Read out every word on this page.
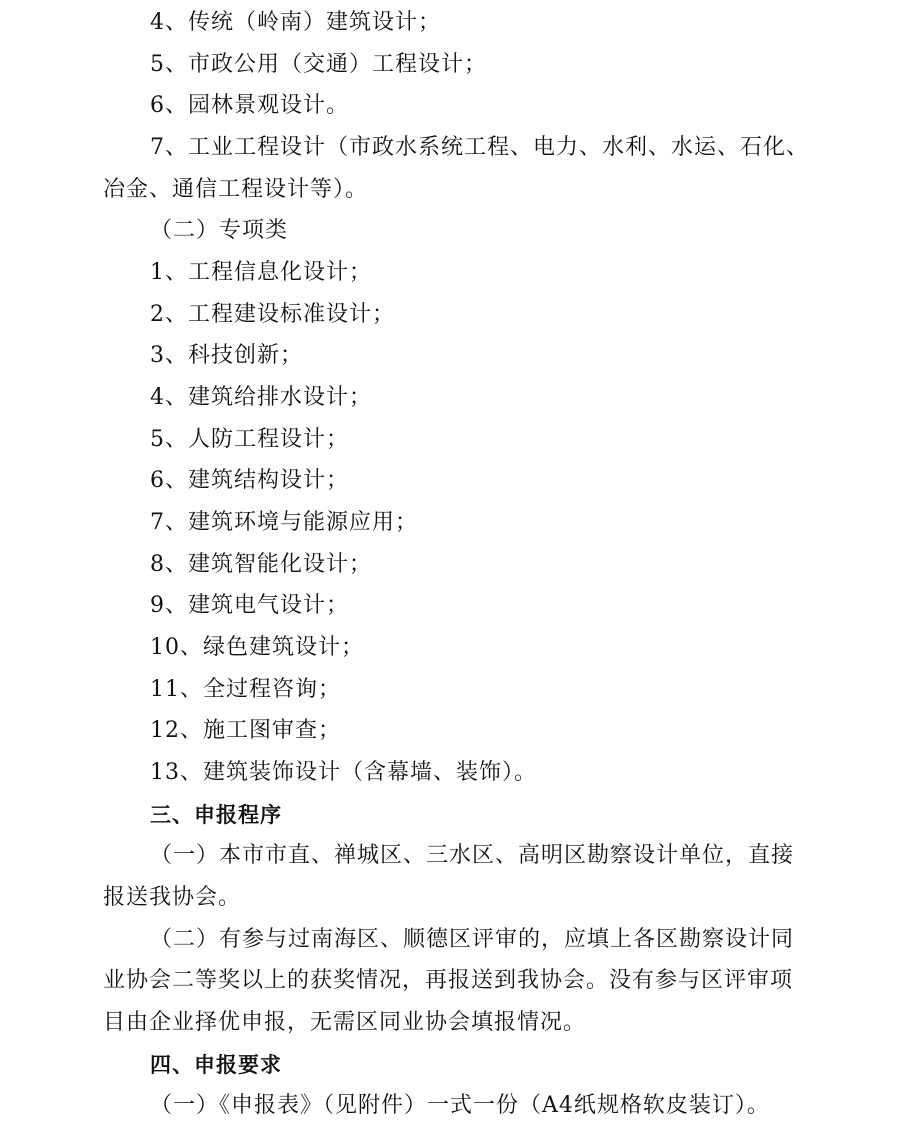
4、传统（岭南）建筑设计；
5、市政公用（交通）工程设计；
6、园林景观设计。
7、工业工程设计（市政水系统工程、电力、水利、水运、石化、
冶金、通信工程设计等）。
（二）专项类
1、工程信息化设计；
2、工程建设标准设计；
3、科技创新；
4、建筑给排水设计；
5、人防工程设计；
6、建筑结构设计；
7、建筑环境与能源应用；
8、建筑智能化设计；
9、建筑电气设计；
10、绿色建筑设计；
11、全过程咨询；
12、施工图审查；
13、建筑装饰设计（含幕墙、装饰）。
三、申报程序
（一）本市市直、禅城区、三水区、高明区勘察设计单位，直接
报送我协会。
（二）有参与过南海区、顺德区评审的，应填上各区勘察设计同
业协会二等奖以上的获奖情况，再报送到我协会。没有参与区评审项
目由企业择优申报，无需区同业协会填报情况。
四、申报要求
（一）《申报表》（见附件）一式一份（A4纸规格软皮装订）。
